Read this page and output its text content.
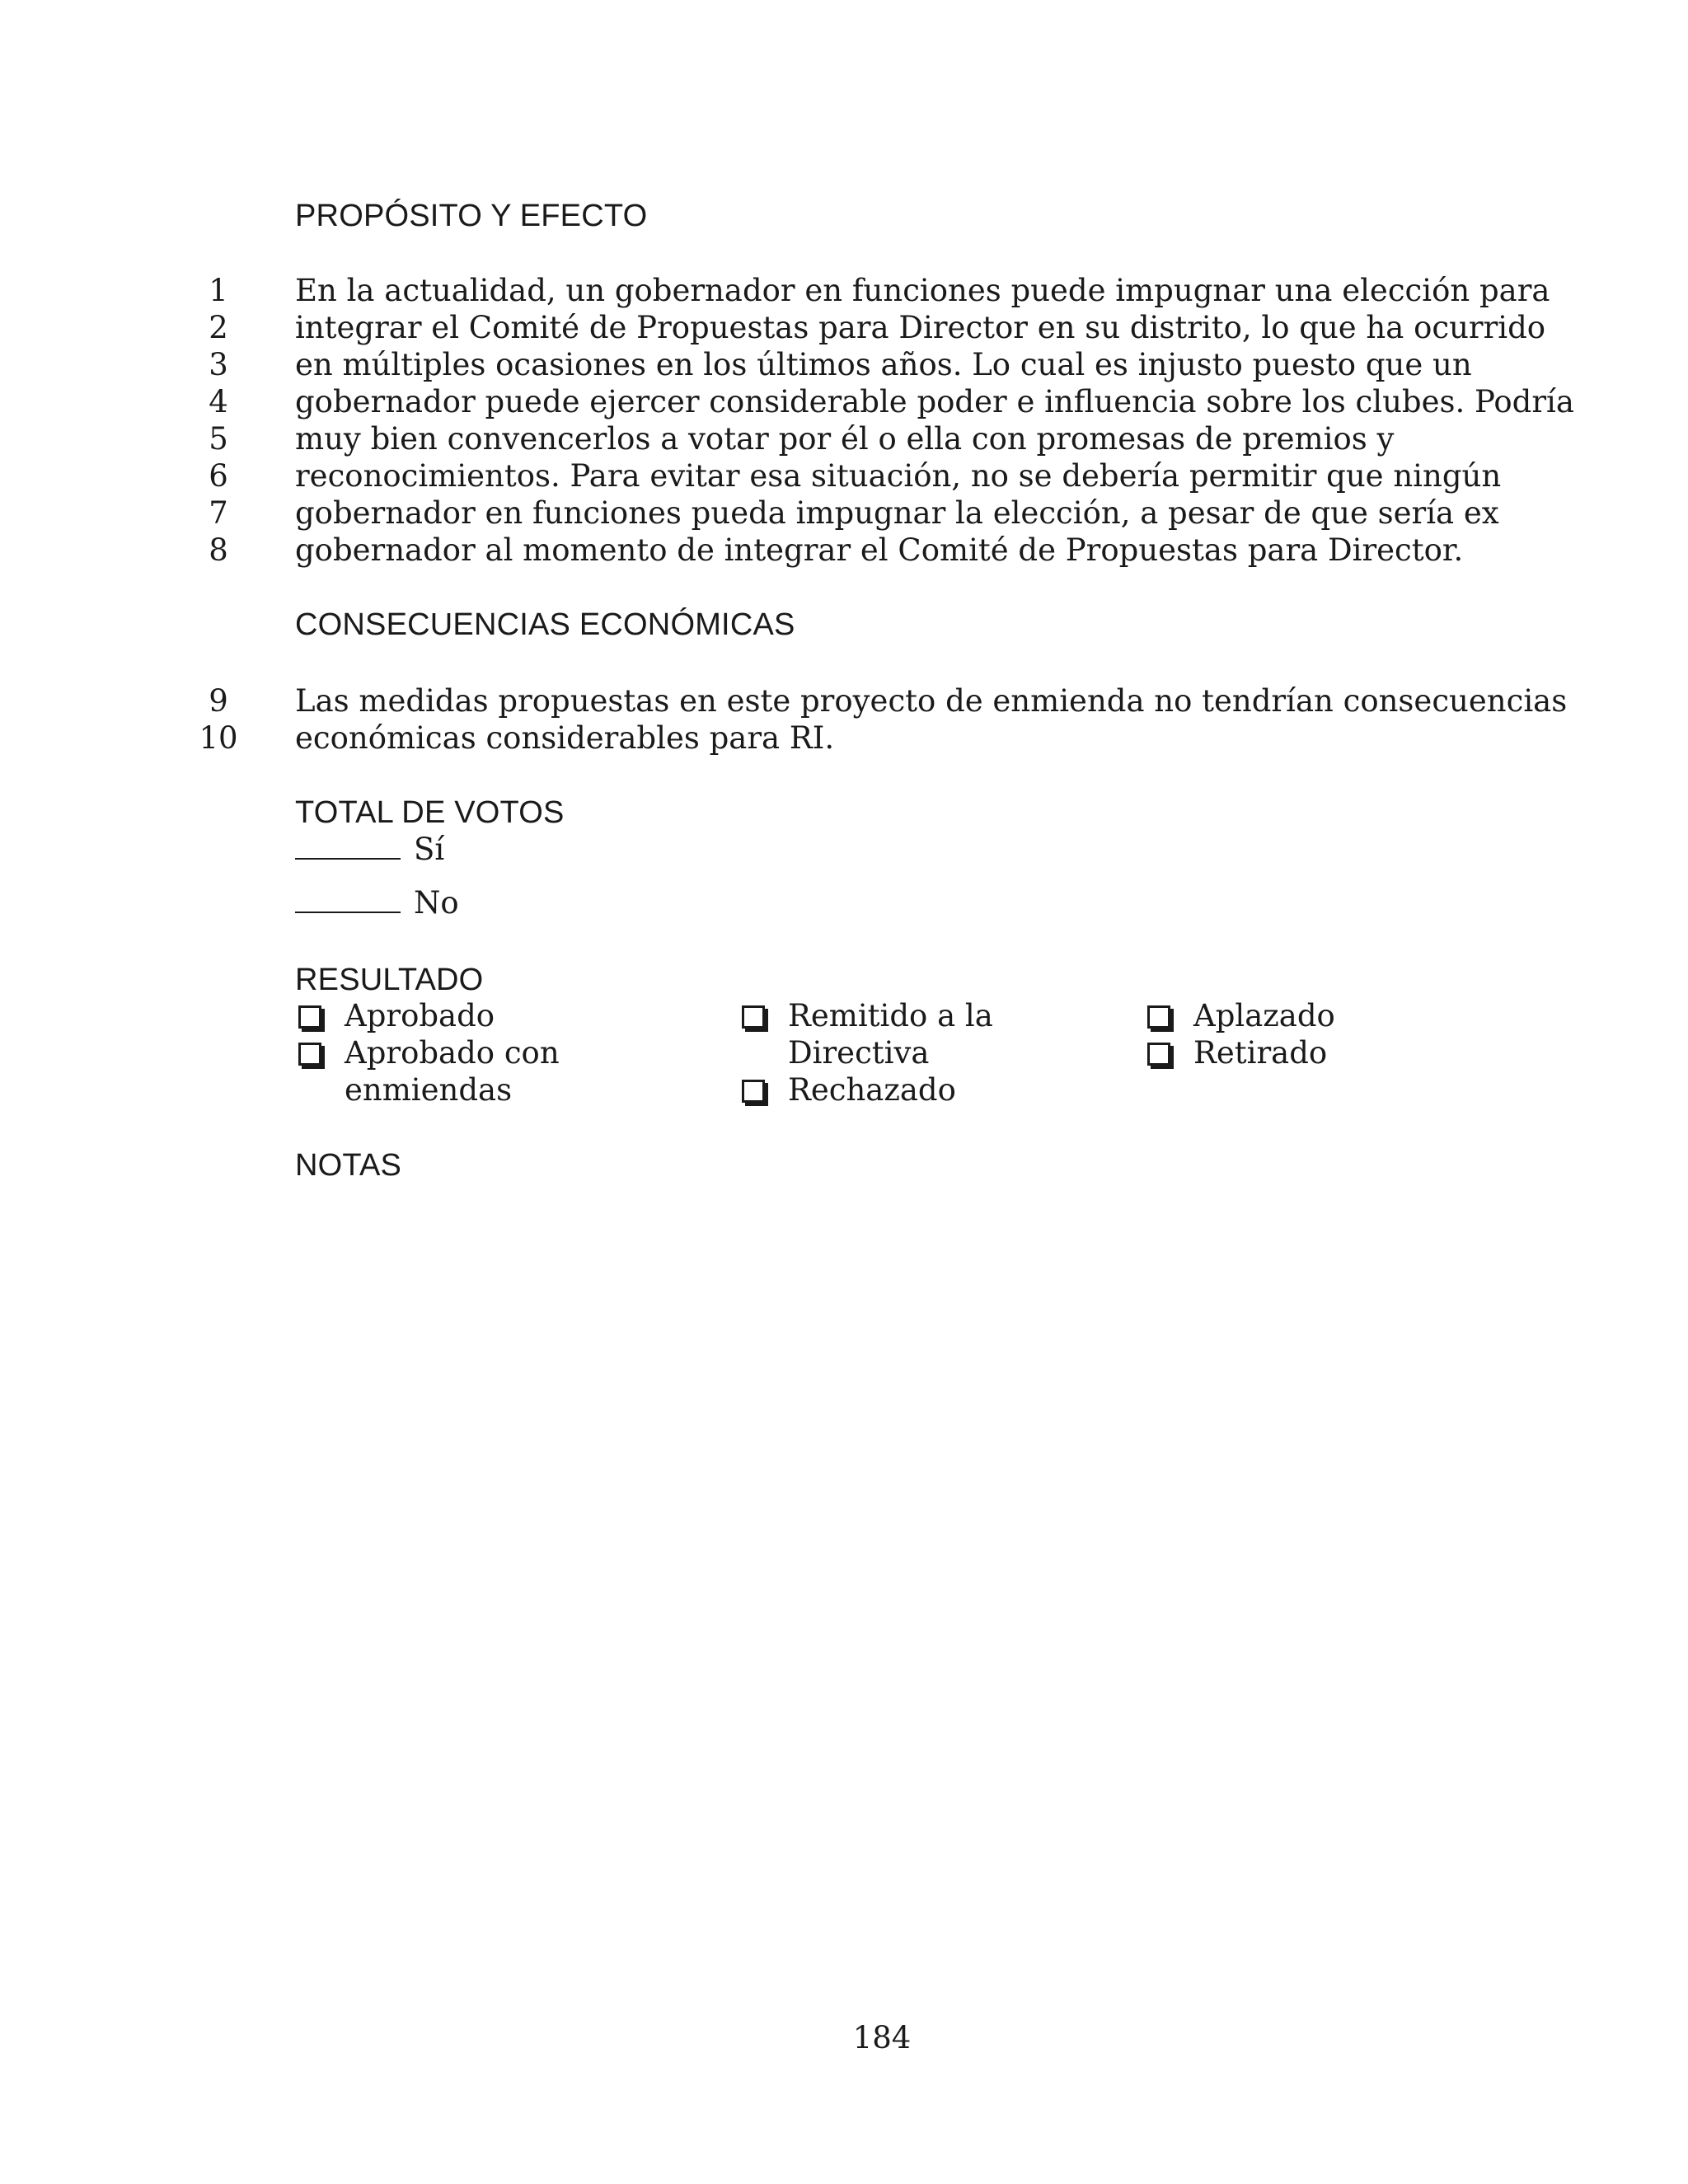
PROPÓSITO Y EFECTO
1	En la actualidad, un gobernador en funciones puede impugnar una elección para
2	integrar el Comité de Propuestas para Director en su distrito, lo que ha ocurrido
3	en múltiples ocasiones en los últimos años. Lo cual es injusto puesto que un
4	gobernador puede ejercer considerable poder e influencia sobre los clubes. Podría
5	muy bien convencerlos a votar por él o ella con promesas de premios y
6	reconocimientos. Para evitar esa situación, no se debería permitir que ningún
7	gobernador en funciones pueda impugnar la elección, a pesar de que sería ex
8	gobernador al momento de integrar el Comité de Propuestas para Director.
CONSECUENCIAS ECONÓMICAS
9	Las medidas propuestas en este proyecto de enmienda no tendrían consecuencias
10	económicas considerables para RI.
TOTAL DE VOTOS
Sí
No
RESULTADO
Aprobado
Aprobado con
enmiendas
Remitido a la
Directiva
Rechazado
Aplazado
Retirado
NOTAS
184
